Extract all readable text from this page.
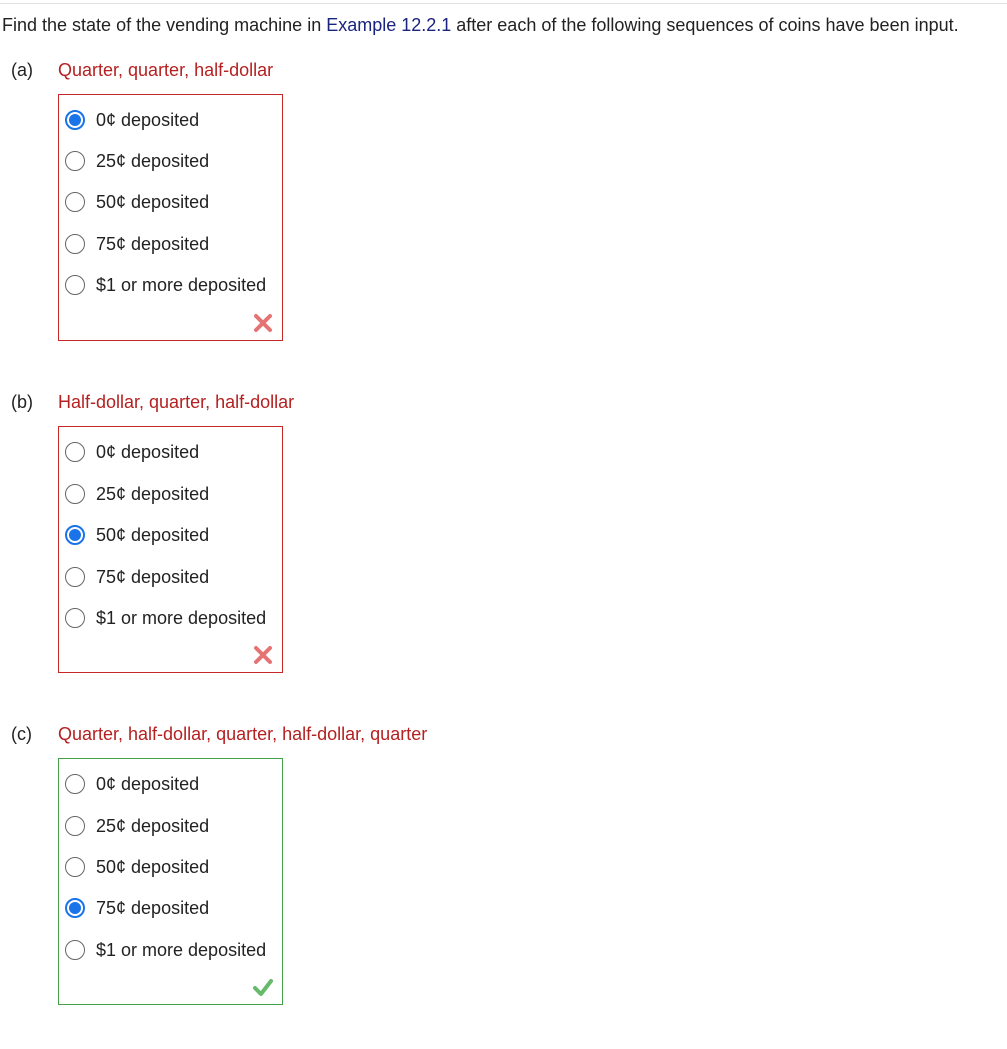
Find the state of the vending machine in Example 12.2.1 after each of the following sequences of coins have been input.
(a) Quarter, quarter, half-dollar
0¢ deposited
25¢ deposited
50¢ deposited
75¢ deposited
$1 or more deposited
(b) Half-dollar, quarter, half-dollar
0¢ deposited
25¢ deposited
50¢ deposited
75¢ deposited
$1 or more deposited
(c) Quarter, half-dollar, quarter, half-dollar, quarter
0¢ deposited
25¢ deposited
50¢ deposited
75¢ deposited
$1 or more deposited
